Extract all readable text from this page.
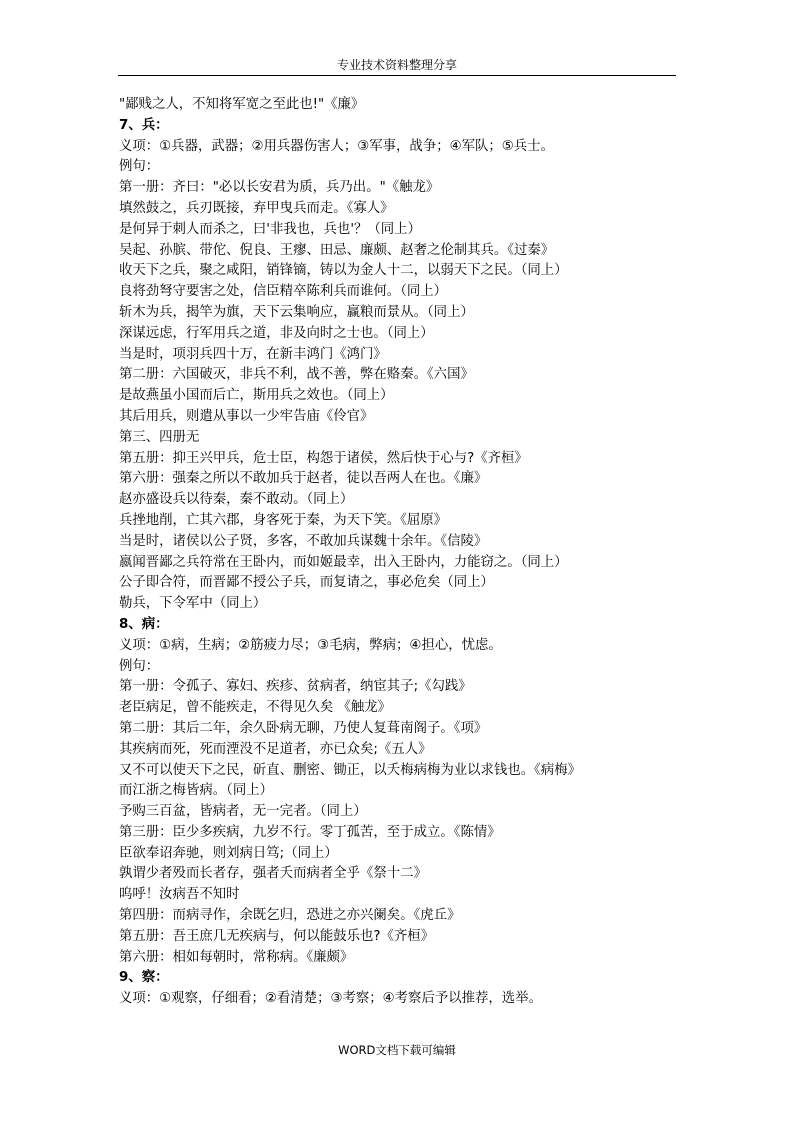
专业技术资料整理分享
"鄙贱之人，不知将军宽之至此也!"《廉》
7、兵：
义项：①兵器，武器；②用兵器伤害人；③军事，战争；④军队；⑤兵士。
例句：
第一册：齐曰："必以长安君为质，兵乃出。"《触龙》
填然鼓之，兵刃既接，弃甲曳兵而走。《寡人》
是何异于刺人而杀之，曰'非我也，兵也'？（同上）
吴起、孙膑、带佗、倪良、王瘳、田忌、廉颇、赵奢之伦制其兵。《过秦》
收天下之兵，聚之咸阳，销锋镝，铸以为金人十二，以弱天下之民。（同上）
良将劲弩守要害之处，信臣精卒陈利兵而谁何。（同上）
斩木为兵，揭竿为旗，天下云集响应，赢粮而景从。（同上）
深谋远虑，行军用兵之道，非及向时之士也。（同上）
当是时，项羽兵四十万，在新丰鸿门《鸿门》
第二册：六国破灭，非兵不利，战不善，弊在赂秦。《六国》
是故燕虽小国而后亡，斯用兵之效也。（同上）
其后用兵，则遣从事以一少牢告庙《伶官》
第三、四册无
第五册：抑王兴甲兵，危士臣，构怨于诸侯，然后快于心与?《齐桓》
第六册：强秦之所以不敢加兵于赵者，徒以吾两人在也。《廉》
赵亦盛设兵以待秦，秦不敢动。（同上）
兵挫地削，亡其六郡，身客死于秦，为天下笑。《屈原》
当是时，诸侯以公子贤，多客，不敢加兵谋魏十余年。《信陵》
嬴闻晋鄙之兵符常在王卧内，而如姬最幸，出入王卧内，力能窃之。（同上）
公子即合符，而晋鄙不授公子兵，而复请之，事必危矣（同上）
勒兵，下令军中（同上）
8、病：
义项：①病，生病；②筋疲力尽；③毛病，弊病；④担心，忧虑。
例句：
第一册：令孤子、寡妇、疾疹、贫病者，纳宦其子;《勾践》
老臣病足，曾不能疾走，不得见久矣 《触龙》
第二册：其后二年，余久卧病无聊，乃使人复葺南阁子。《项》
其疾病而死，死而湮没不足道者，亦已众矣;《五人》
又不可以使天下之民，斫直、删密、锄正，以夭梅病梅为业以求钱也。《病梅》
而江浙之梅皆病。（同上）
予购三百盆，皆病者，无一完者。（同上）
第三册：臣少多疾病，九岁不行。零丁孤苦，至于成立。《陈情》
臣欲奉诏奔驰，则刘病日笃;（同上）
孰谓少者殁而长者存，强者夭而病者全乎《祭十二》
呜呼！汝病吾不知时
第四册：而病寻作，余既乞归，恐进之亦兴阑矣。《虎丘》
第五册：吾王庶几无疾病与，何以能鼓乐也?《齐桓》
第六册：相如每朝时，常称病。《廉颇》
9、察：
义项：①观察，仔细看；②看清楚；③考察；④考察后予以推荐，选举。
WORD文档下载可编辑
